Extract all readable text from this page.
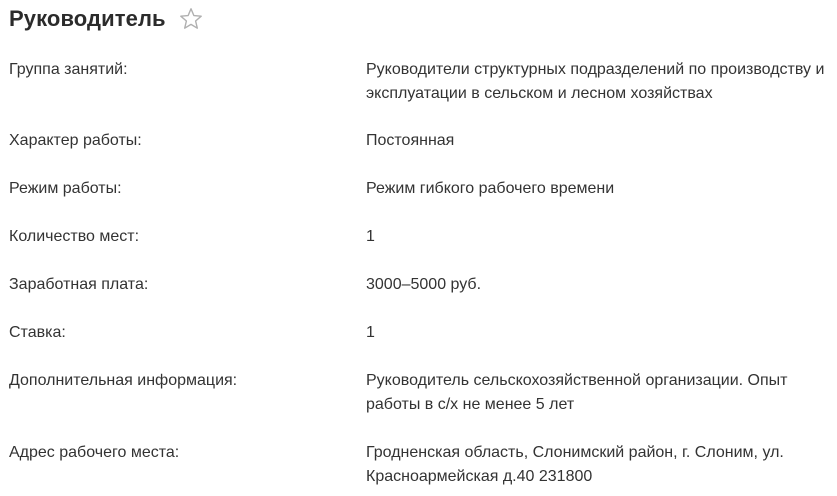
Руководитель
Группа занятий:	Руководители структурных подразделений по производству и
эксплуатации в сельском и лесном хозяйствах
Характер работы:	Постоянная
Режим работы:	Режим гибкого рабочего времени
Количество мест:	1
Заработная плата:	3000–5000 руб.
Ставка:	1
Дополнительная информация:	Руководитель сельскохозяйственной организации. Опыт
работы в с/х не менее 5 лет
Адрес рабочего места:	Гродненская область, Слонимский район, г. Слоним, ул.
Красноармейская д.40 231800
